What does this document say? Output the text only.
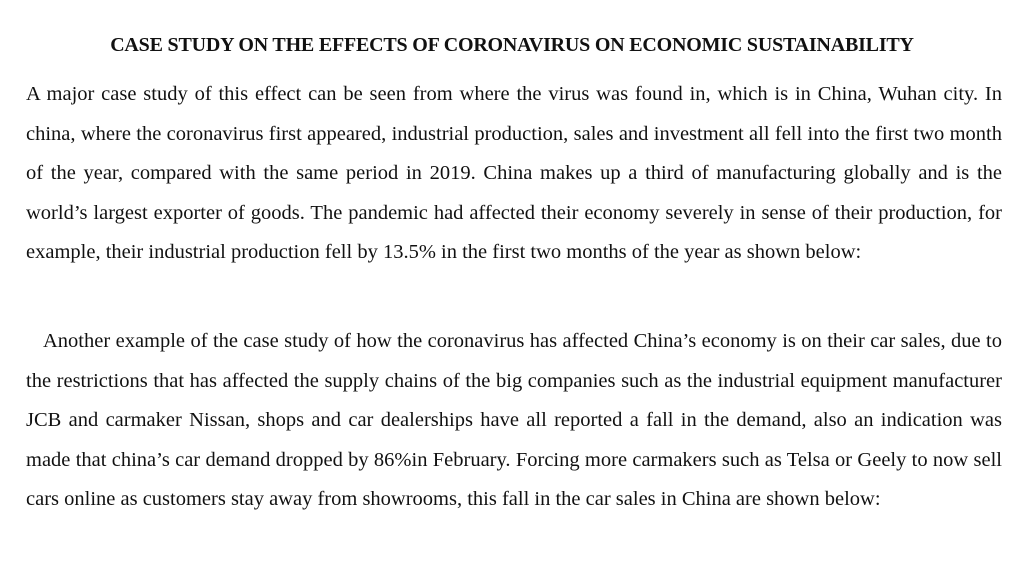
CASE STUDY ON THE EFFECTS OF CORONAVIRUS ON ECONOMIC SUSTAINABILITY

A major case study of this effect can be seen from where the virus was found in, which is in China, Wuhan city. In china, where the coronavirus first appeared, industrial production, sales and investment all fell into the first two month of the year, compared with the same period in 2019. China makes up a third of manufacturing globally and is the world’s largest exporter of goods. The pandemic had affected their economy severely in sense of their production, for example, their industrial production fell by 13.5% in the first two months of the year as shown below:

Another example of the case study of how the coronavirus has affected China’s economy is on their car sales, due to the restrictions that has affected the supply chains of the big companies such as the industrial equipment manufacturer JCB and carmaker Nissan, shops and car dealerships have all reported a fall in the demand, also an indication was made that china’s car demand dropped by 86%in February. Forcing more carmakers such as Telsa or Geely to now sell cars online as customers stay away from showrooms, this fall in the car sales in China are shown below:
